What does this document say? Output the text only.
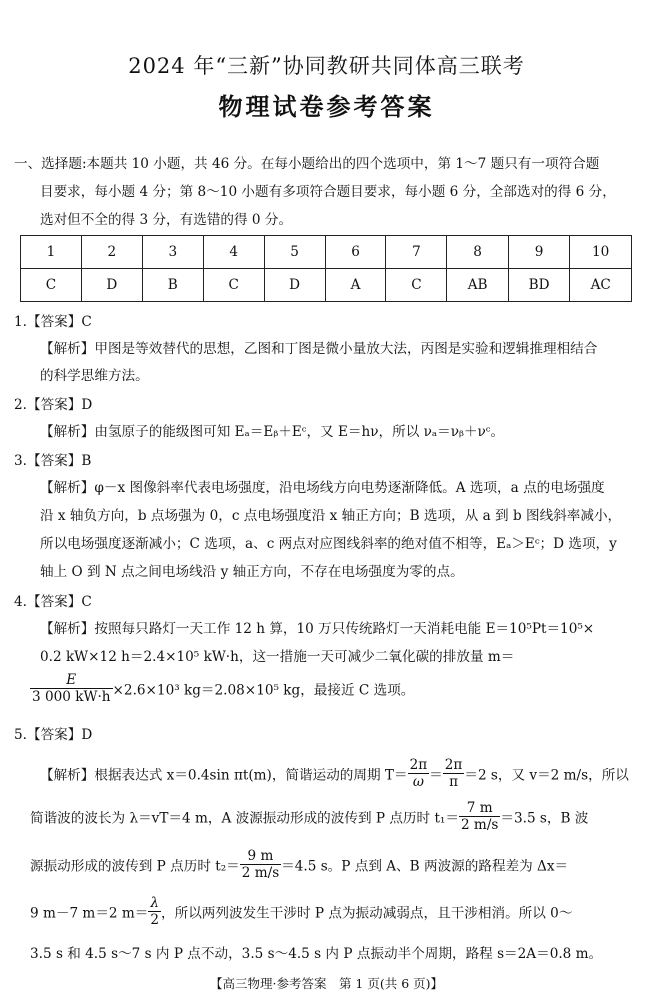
2024 年“三新”协同教研共同体高三联考
物理试卷参考答案
一、选择题:本题共 10 小题，共 46 分。在每小题给出的四个选项中，第 1～7 题只有一项符合题
目要求，每小题 4 分；第 8～10 小题有多项符合题目要求，每小题 6 分，全部选对的得 6 分，
选对但不全的得 3 分，有选错的得 0 分。
1	2	3	4	5	6	7	8	9	10
C	D	B	C	D	A	C	AB	BD	AC
1.【答案】C
【解析】甲图是等效替代的思想，乙图和丁图是微小量放大法，丙图是实验和逻辑推理相结合
的科学思维方法。
2.【答案】D
【解析】由氢原子的能级图可知 Eₐ＝Eᵦ＋Eᶜ，又 E＝hν，所以 νₐ＝νᵦ＋νᶜ。
3.【答案】B
【解析】φ－x 图像斜率代表电场强度，沿电场线方向电势逐渐降低。A 选项，a 点的电场强度
沿 x 轴负方向，b 点场强为 0，c 点电场强度沿 x 轴正方向；B 选项，从 a 到 b 图线斜率减小，
所以电场强度逐渐减小；C 选项，a、c 两点对应图线斜率的绝对值不相等，Eₐ＞Eᶜ；D 选项，y
轴上 O 到 N 点之间电场线沿 y 轴正方向，不存在电场强度为零的点。
4.【答案】C
【解析】按照每只路灯一天工作 12 h 算，10 万只传统路灯一天消耗电能 E＝10⁵Pt＝10⁵×
0.2 kW×12 h＝2.4×10⁵ kW·h，这一措施一天可减少二氧化碳的排放量 m＝
$\frac{E}{3 000 kW\cdot h} \times 2.6\times 10^3$ kg＝2.08×10⁵ kg，最接近 C 选项。
5.【答案】D
【解析】根据表达式 x＝0.4sin πt(m)，简谐运动的周期 $T= \frac{2\pi}{\omega} = \frac{2\pi}{\pi} =2$ s，又 v＝2 m/s，所以
简谐波的波长为 λ＝vT＝4 m，A 波源振动形成的波传到 P 点历时 $t_1= \frac{7 m}{2 m/s} =3.5$ s，B 波
源振动形成的波传到 P 点历时 $t_2= \frac{9 m}{2 m/s} =4.5$ s。P 点到 A、B 两波源的路程差为 Δx＝
9 m－7 m＝2 $m= \frac{\lambda}{2}$ ，所以两列波发生干涉时 P 点为振动减弱点，且干涉相消。所以 0～
3.5 s 和 4.5 s～7 s 内 P 点不动，3.5 s～4.5 s 内 P 点振动半个周期，路程 s＝2A＝0.8 m。
【高三物理·参考答案　第 1 页(共 6 页)】
